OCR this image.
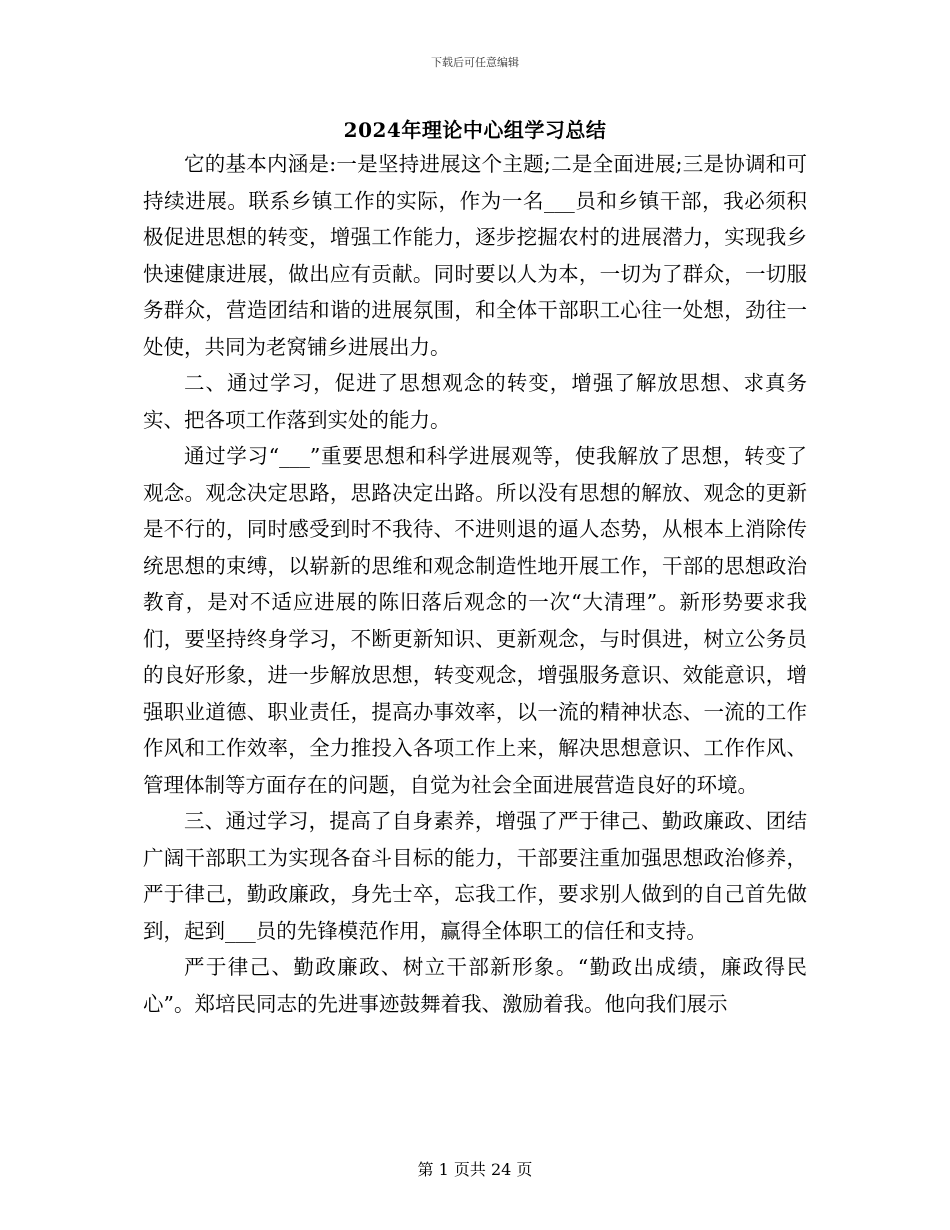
下载后可任意编辑
2024年理论中心组学习总结

它的基本内涵是:一是坚持进展这个主题;二是全面进展;三是协调和可持续进展。联系乡镇工作的实际，作为一名___员和乡镇干部，我必须积极促进思想的转变，增强工作能力，逐步挖掘农村的进展潜力，实现我乡快速健康进展，做出应有贡献。同时要以人为本，一切为了群众，一切服务群众，营造团结和谐的进展氛围，和全体干部职工心往一处想，劲往一处使，共同为老窝铺乡进展出力。

二、通过学习，促进了思想观念的转变，增强了解放思想、求真务实、把各项工作落到实处的能力。

通过学习“___”重要思想和科学进展观等，使我解放了思想，转变了观念。观念决定思路，思路决定出路。所以没有思想的解放、观念的更新是不行的，同时感受到时不我待、不进则退的逼人态势，从根本上消除传统思想的束缚，以崭新的思维和观念制造性地开展工作，干部的思想政治教育，是对不适应进展的陈旧落后观念的一次“大清理”。新形势要求我们，要坚持终身学习，不断更新知识、更新观念，与时俱进，树立公务员的良好形象，进一步解放思想，转变观念，增强服务意识、效能意识，增强职业道德、职业责任，提高办事效率，以一流的精神状态、一流的工作作风和工作效率，全力推投入各项工作上来，解决思想意识、工作作风、管理体制等方面存在的问题，自觉为社会全面进展营造良好的环境。

三、通过学习，提高了自身素养，增强了严于律己、勤政廉政、团结广阔干部职工为实现各奋斗目标的能力，干部要注重加强思想政治修养，严于律己，勤政廉政，身先士卒，忘我工作，要求别人做到的自己首先做到，起到___员的先锋模范作用，赢得全体职工的信任和支持。

严于律己、勤政廉政、树立干部新形象。“勤政出成绩，廉政得民心”。郑培民同志的先进事迹鼓舞着我、激励着我。他向我们展示

第 1 页共 24 页
